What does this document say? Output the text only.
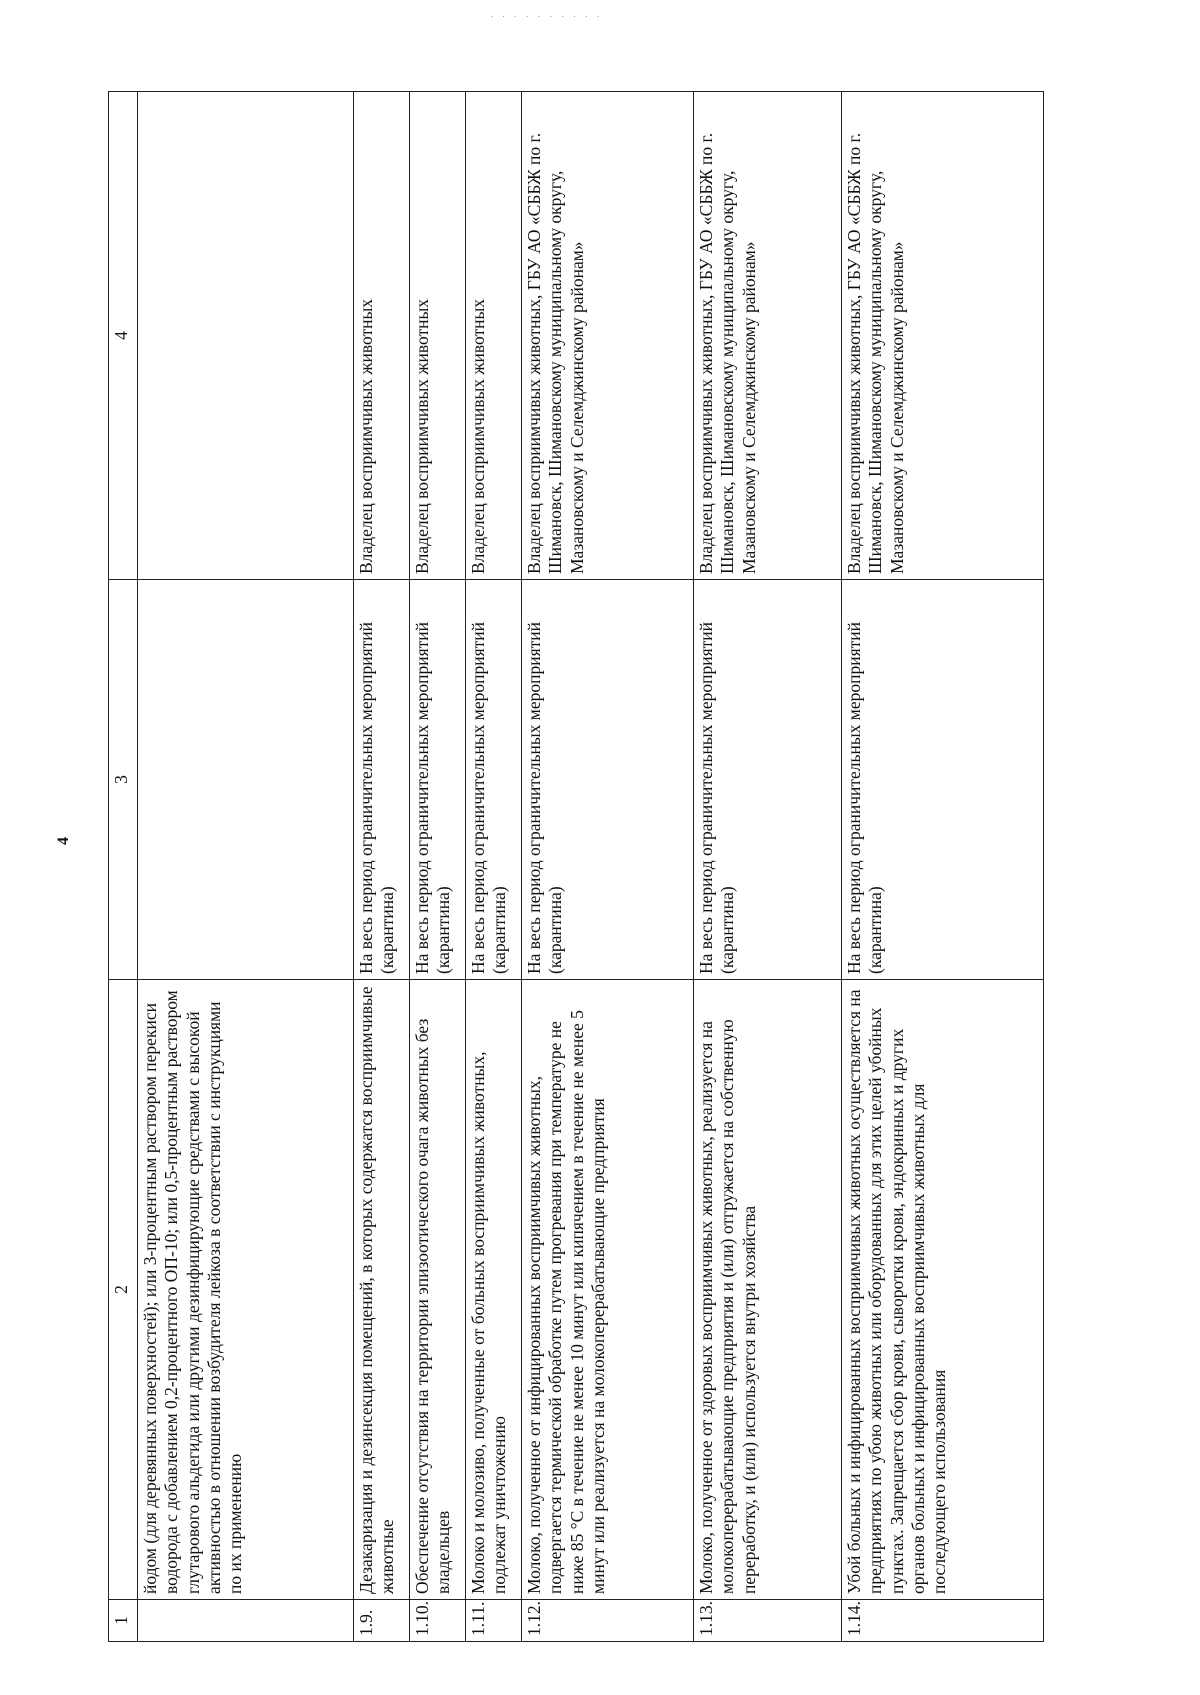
· · · · · · · · · ·
4
1	2	3	4
	йодом (для деревянных поверхностей); или 3-процентным раствором перекиси водорода с добавлением 0,2-процентного ОП-10; или 0,5-процентным раствором глутарового альдегида или другими дезинфицирующие средствами с высокой активностью в отношении возбудителя лейкоза в соответствии с инструкциями по их применению		
1.9.	Дезакаризация и дезинсекция помещений, в которых содержатся восприимчивые животные	На весь период ограничительных мероприятий (карантина)	Владелец восприимчивых животных
1.10.	Обеспечение отсутствия на территории эпизоотического очага животных без владельцев	На весь период ограничительных мероприятий (карантина)	Владелец восприимчивых животных
1.11.	Молоко и молозиво, полученные от больных восприимчивых животных, подлежат уничтожению	На весь период ограничительных мероприятий (карантина)	Владелец восприимчивых животных
1.12.	Молоко, полученное от инфицированных восприимчивых животных, подвергается термической обработке путем прогревания при температуре не ниже 85 °С в течение не менее 10 минут или кипячением в течение не менее 5 минут или реализуется на молокоперерабатывающие предприятия	На весь период ограничительных мероприятий (карантина)	Владелец восприимчивых животных, ГБУ АО «СББЖ по г. Шимановск, Шимановскому муниципальному округу, Мазановскому и Селемджинскому районам»
1.13.	Молоко, полученное от здоровых восприимчивых животных, реализуется на молокоперерабатывающие предприятия и (или) отгружается на собственную переработку, и (или) используется внутри хозяйства	На весь период ограничительных мероприятий (карантина)	Владелец восприимчивых животных, ГБУ АО «СББЖ по г. Шимановск, Шимановскому муниципальному округу, Мазановскому и Селемджинскому районам»
1.14.	Убой больных и инфицированных восприимчивых животных осуществляется на предприятиях по убою животных или оборудованных для этих целей убойных пунктах. Запрещается сбор крови, сыворотки крови, эндокринных и других органов больных и инфицированных восприимчивых животных для последующего использования	На весь период ограничительных мероприятий (карантина)	Владелец восприимчивых животных, ГБУ АО «СББЖ по г. Шимановск, Шимановскому муниципальному округу, Мазановскому и Селемджинскому районам»
